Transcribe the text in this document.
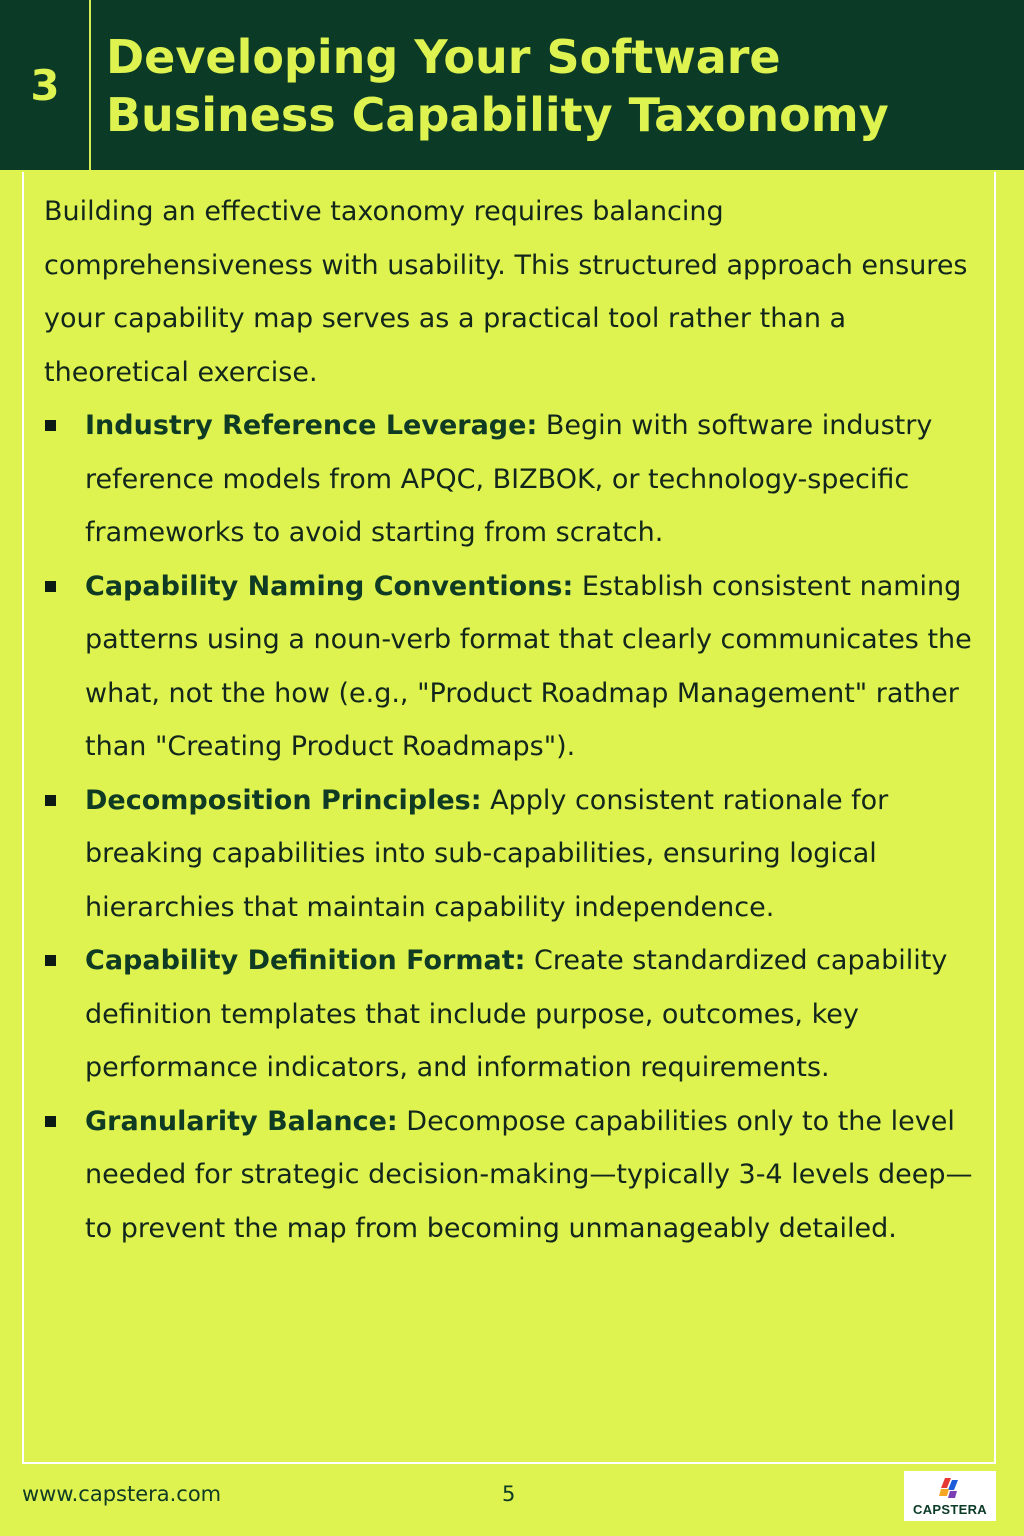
3
Developing Your Software Business Capability Taxonomy

Building an effective taxonomy requires balancing comprehensiveness with usability. This structured approach ensures your capability map serves as a practical tool rather than a theoretical exercise.

Industry Reference Leverage: Begin with software industry reference models from APQC, BIZBOK, or technology-specific frameworks to avoid starting from scratch.
Capability Naming Conventions: Establish consistent naming patterns using a noun-verb format that clearly communicates the what, not the how (e.g., "Product Roadmap Management" rather than "Creating Product Roadmaps").
Decomposition Principles: Apply consistent rationale for breaking capabilities into sub-capabilities, ensuring logical hierarchies that maintain capability independence.
Capability Definition Format: Create standardized capability definition templates that include purpose, outcomes, key performance indicators, and information requirements.
Granularity Balance: Decompose capabilities only to the level needed for strategic decision-making—typically 3-4 levels deep—to prevent the map from becoming unmanageably detailed.
www.capstera.com	5
CAPSTERA
